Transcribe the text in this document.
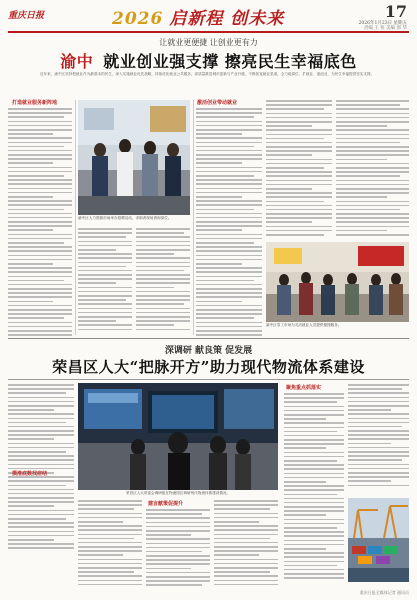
重庆日报	2026 启新程 创未来	17
2026年1月23日 星期五
责编 王 恒 美编 郭 华
让就业更便捷 让创业更有力
渝中 就业创业强支撑 擦亮民生幸福底色

近年来，渝中区坚持把就业作为最基本的民生，深入实施就业优先战略，持续优化就业公共服务，高质量推进城市更新与产业升级，不断拓宽就业渠道，全力稳岗位、扩就业、促创业，为民生幸福提供坚实支撑。

打造就业服务新阵地
渝中区人力资源市场举办招聘活动，求职者现场咨询岗位。
激活创业带动就业
渝中区零工市场为灵活就业人员提供便捷服务。
深调研 献良策 促发展
荣昌区人大“把脉开方”助力现代物流体系建设
摸准底数找症结
荣昌区人大常委会调研组在物流园区调研现代物流体系建设情况。
建言献策促提升
聚焦重点抓落实
重庆日报全媒体记者 通讯员
